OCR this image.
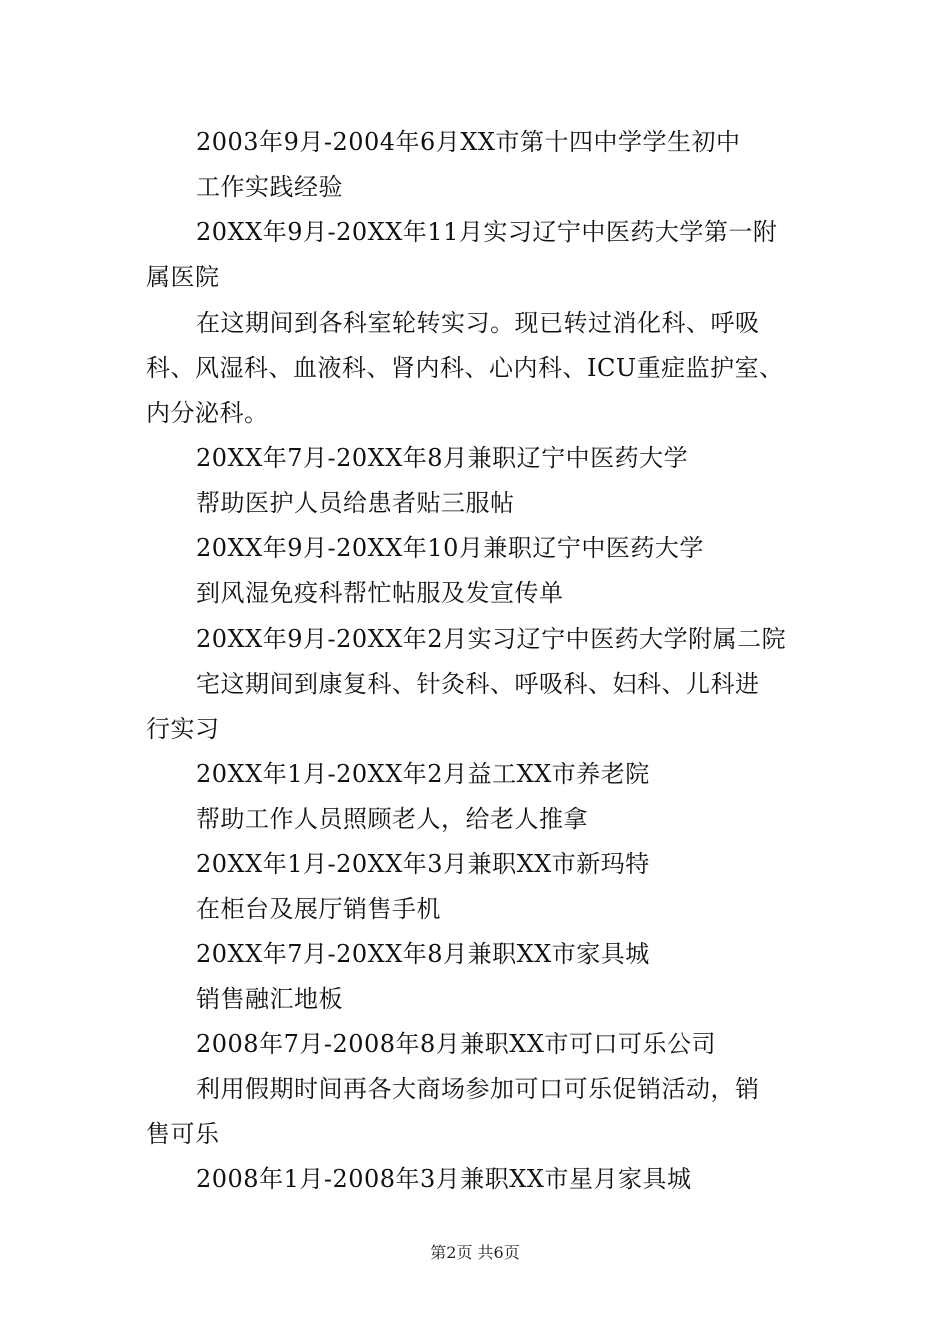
2003年9月-2004年6月XX市第十四中学学生初中
工作实践经验
20XX年9月-20XX年11月实习辽宁中医药大学第一附
属医院
在这期间到各科室轮转实习。现已转过消化科、呼吸
科、风湿科、血液科、肾内科、心内科、ICU重症监护室、
内分泌科。
20XX年7月-20XX年8月兼职辽宁中医药大学
帮助医护人员给患者贴三服帖
20XX年9月-20XX年10月兼职辽宁中医药大学
到风湿免疫科帮忙帖服及发宣传单
20XX年9月-20XX年2月实习辽宁中医药大学附属二院
宅这期间到康复科、针灸科、呼吸科、妇科、儿科进
行实习
20XX年1月-20XX年2月益工XX市养老院
帮助工作人员照顾老人，给老人推拿
20XX年1月-20XX年3月兼职XX市新玛特
在柜台及展厅销售手机
20XX年7月-20XX年8月兼职XX市家具城
销售融汇地板
2008年7月-2008年8月兼职XX市可口可乐公司
利用假期时间再各大商场参加可口可乐促销活动，销
售可乐
2008年1月-2008年3月兼职XX市星月家具城
第2页 共6页
